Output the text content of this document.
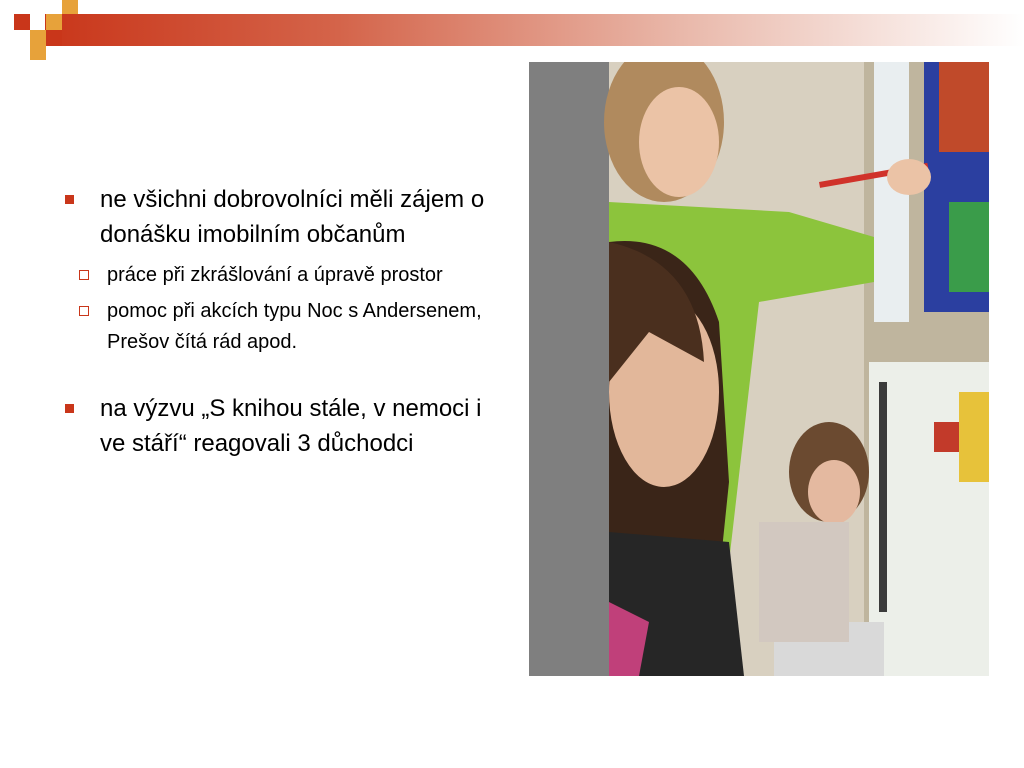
ne všichni dobrovolníci měli zájem o donášku imobilním občanům
práce při zkrášlování a úpravě prostor
pomoc při akcích typu Noc s Andersenem, Prešov čítá rád apod.
na výzvu „S knihou stále, v nemoci i ve stáří“ reagovali 3 důchodci
